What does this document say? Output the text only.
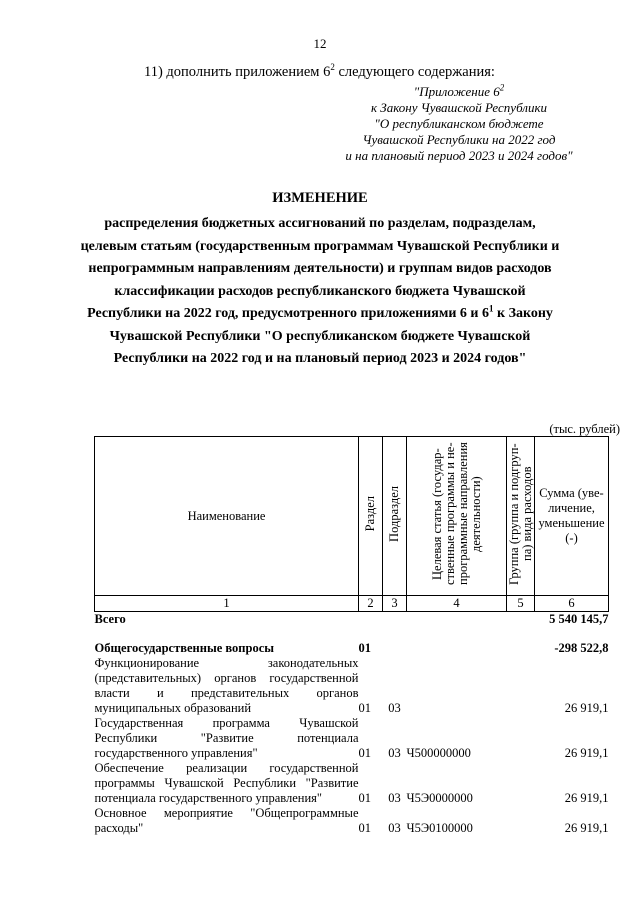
12
11) дополнить приложением $6^2$ следующего содержания:
"Приложение $6^2$
к Закону Чувашской Республики
"О республиканском бюджете
Чувашской Республики на 2022 год
и на плановый период 2023 и 2024 годов"
ИЗМЕНЕНИЕ
распределения бюджетных ассигнований по разделам, подразделам, целевым статьям (государственным программам Чувашской Республики и непрограммным направлениям деятельности) и группам видов расходов классификации расходов республиканского бюджета Чувашской Республики на 2022 год, предусмотренного приложениями 6 и $6^1$ к Закону Чувашской Республики "О республиканском бюджете Чувашской Республики на 2022 год и на плановый период 2023 и 2024 годов"
(тыс. рублей)
Наименование	Раздел	Подраздел	Целевая статья (государ-ственные программы и не-программные направления деятельности)	Группа (группа и подгруп-па) вида расходов	Сумма (уве-личение, уменьшение (-)
1	2	3	4	5	6
Всего					5 540 145,7

Общегосударственные вопросы	01				-298 522,8
Функционирование законодательных (представительных) органов государственной власти и представительных органов муниципальных образований	01	03			26 919,1
Государственная программа Чувашской Республики "Развитие потенциала государственного управления"	01	03	Ч500000000		26 919,1
Обеспечение реализации государственной программы Чувашской Республики "Развитие потенциала государственного управления"	01	03	Ч5Э0000000		26 919,1
Основное мероприятие "Общепрограммные расходы"	01	03	Ч5Э0100000		26 919,1
